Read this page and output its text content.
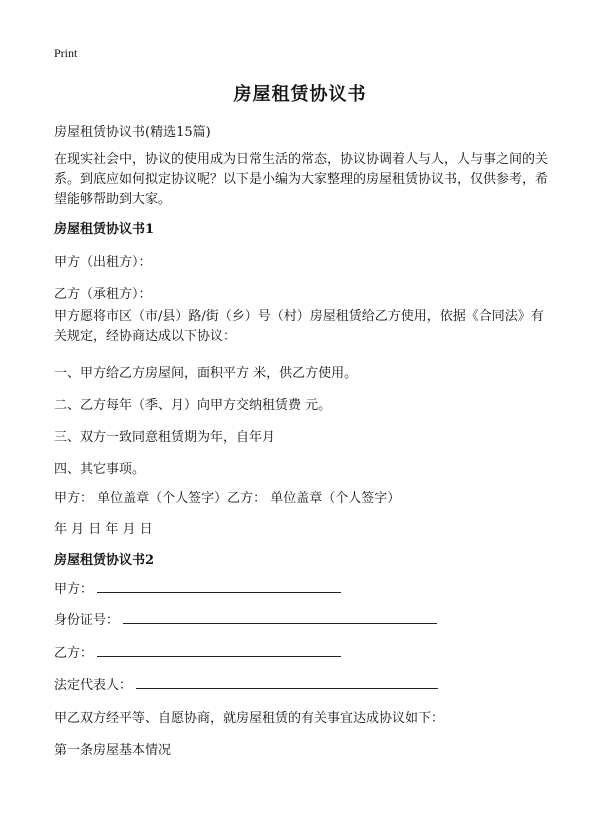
Print
房屋租赁协议书
房屋租赁协议书(精选15篇)
在现实社会中，协议的使用成为日常生活的常态，协议协调着人与人，人与事之间的关系。到底应如何拟定协议呢？以下是小编为大家整理的房屋租赁协议书，仅供参考，希望能够帮助到大家。
房屋租赁协议书1
甲方（出租方）：
乙方（承租方）：
甲方愿将市区（市/县）路/街（乡）号（村）房屋租赁给乙方使用，依据《合同法》有关规定，经协商达成以下协议：
一、甲方给乙方房屋间，面积平方 米，供乙方使用。
二、乙方每年（季、月）向甲方交纳租赁费 元。
三、双方一致同意租赁期为年，自年月
四、其它事项。
甲方： 单位盖章（个人签字）乙方： 单位盖章（个人签字）
年 月 日 年 月 日
房屋租赁协议书2
甲方：
身份证号：
乙方：
法定代表人：
甲乙双方经平等、自愿协商，就房屋租赁的有关事宜达成协议如下：
第一条房屋基本情况
